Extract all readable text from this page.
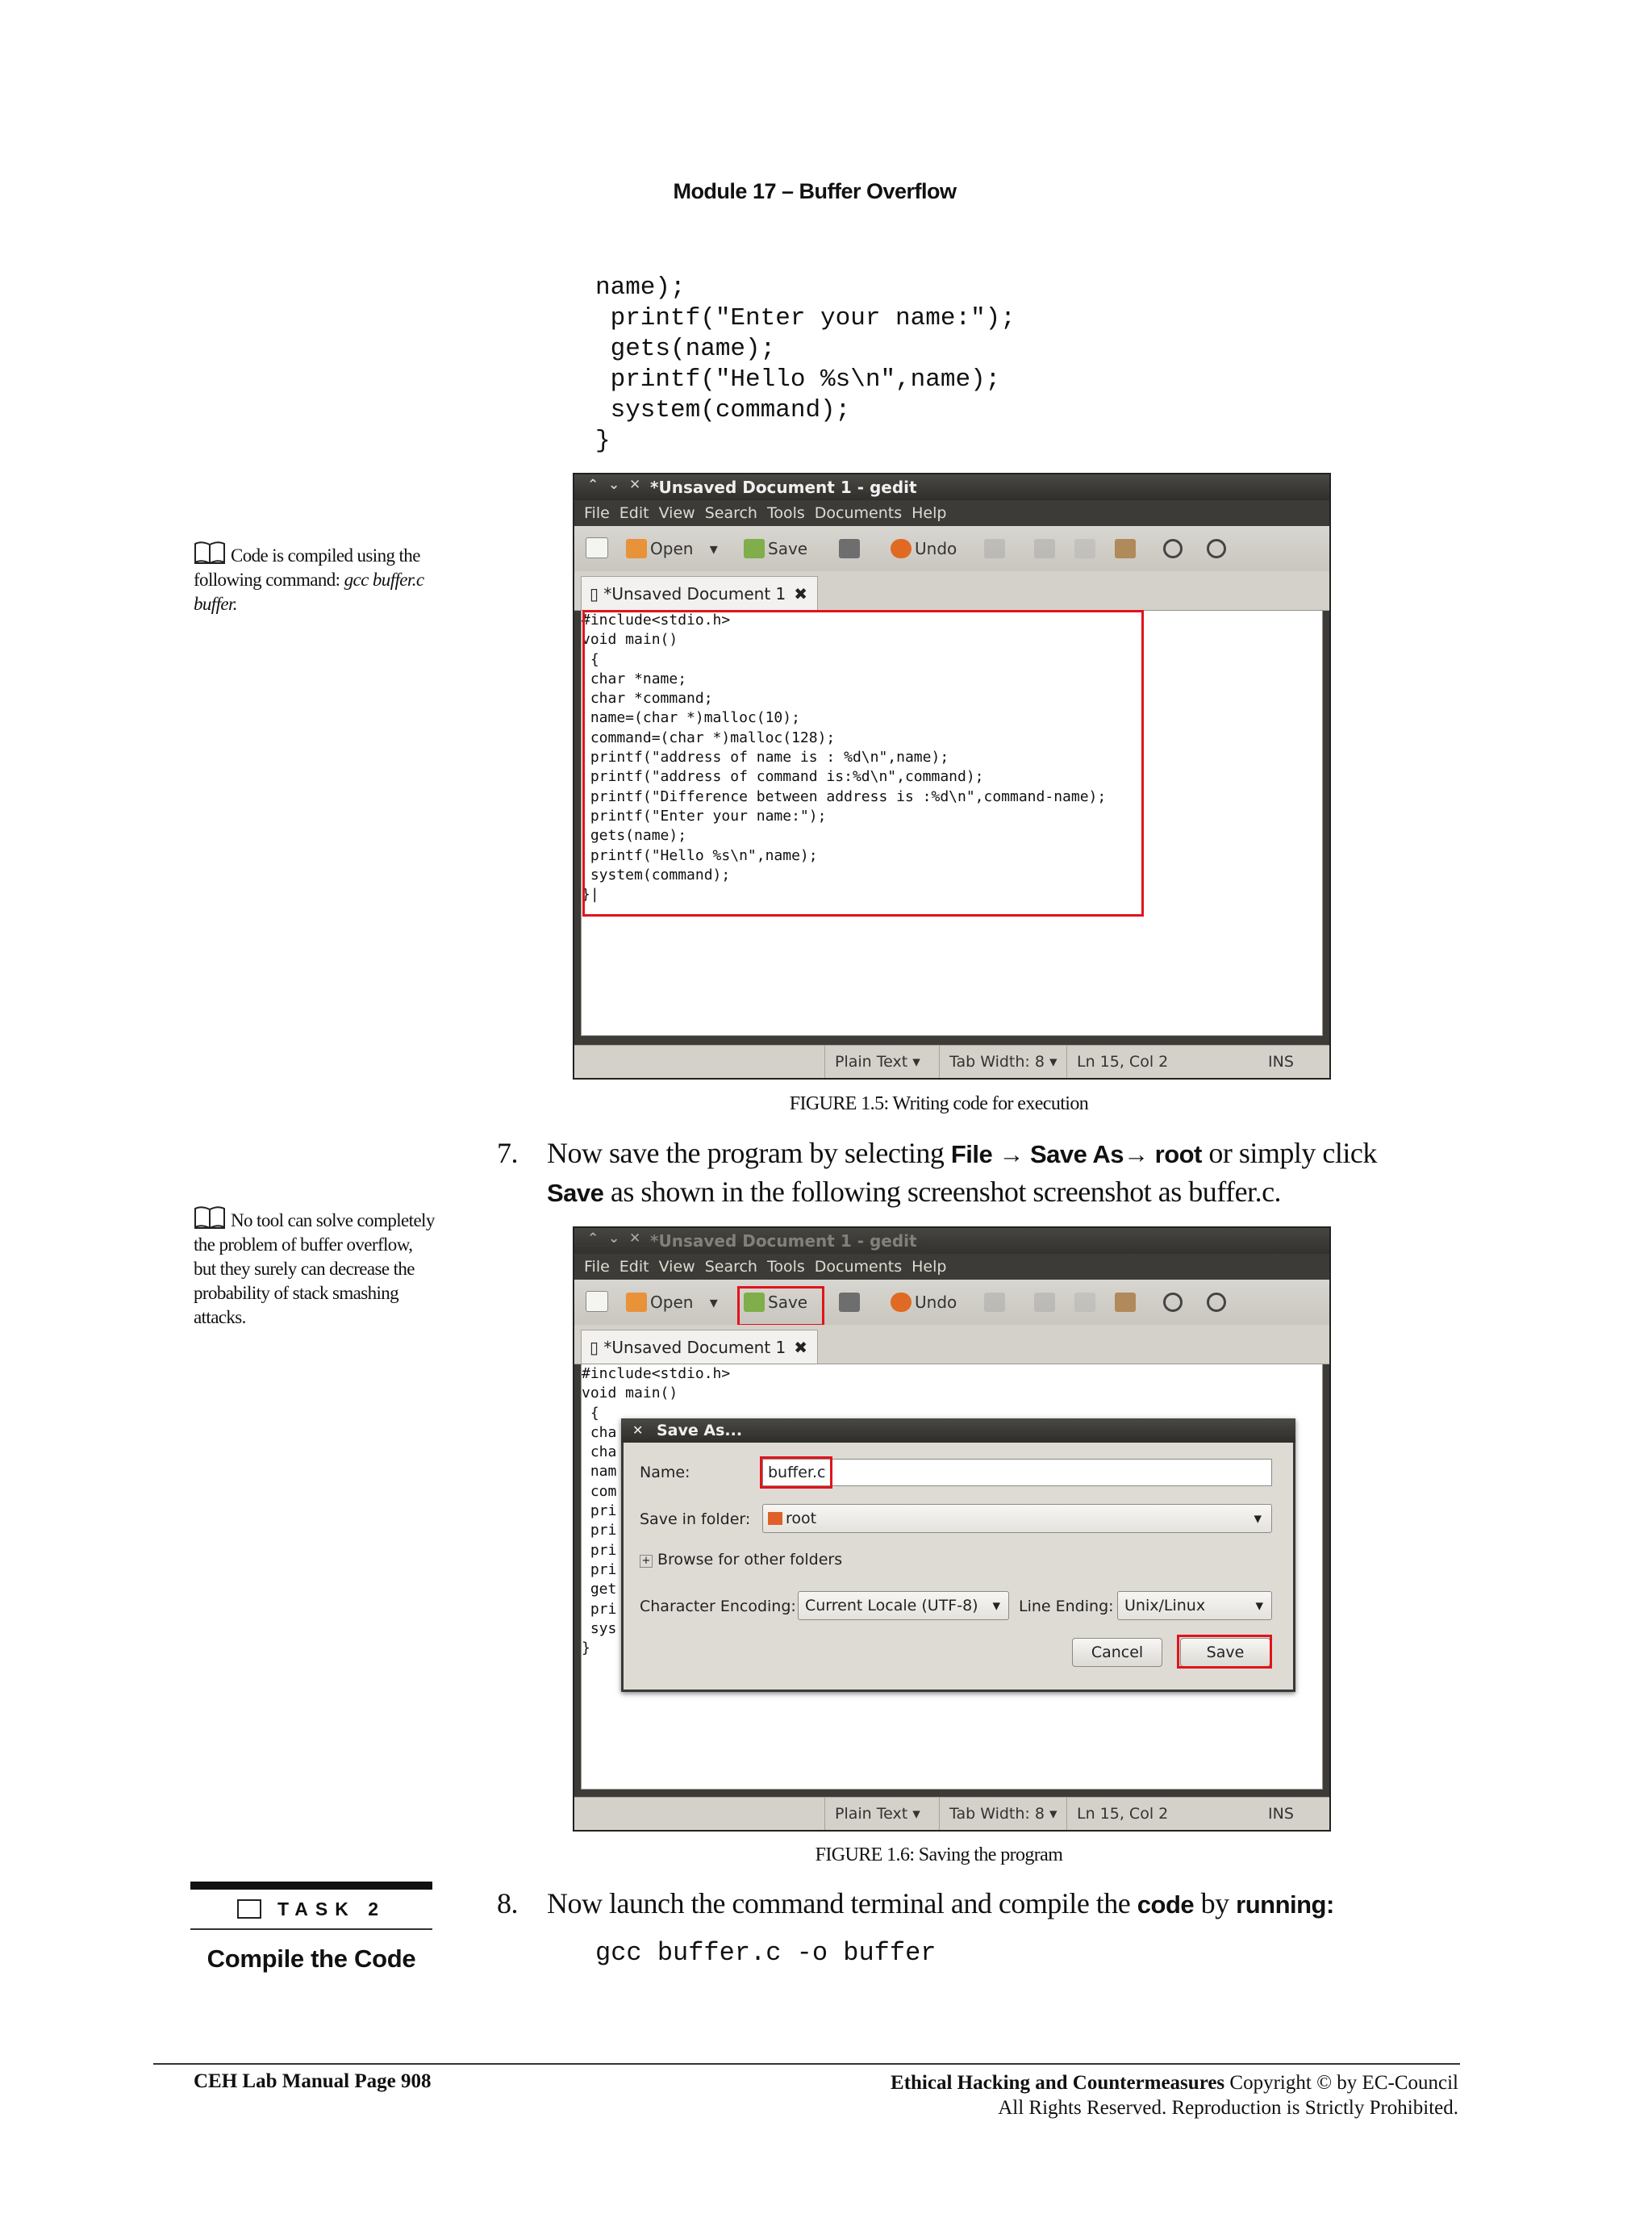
Module 17 – Buffer Overflow
name);
printf("Enter your name:");
gets(name);
printf("Hello %s\n",name);
system(command);
}
Code is compiled using the following command: gcc buffer.c buffer.
⌃ ⌄ ✕ *Unsaved Document 1 - gedit
File Edit View Search Tools Documents Help
Open ▾	Save	Undo
▯ *Unsaved Document 1 ✖
#include<stdio.h>
void main()
{
char *name;
char *command;
name=(char *)malloc(10);
command=(char *)malloc(128);
printf("address of name is : %d\n",name);
printf("address of command is:%d\n",command);
printf("Difference between address is :%d\n",command-name);
printf("Enter your name:");
gets(name);
printf("Hello %s\n",name);
system(command);
}|
Plain Text ▾	Tab Width: 8 ▾	Ln 15, Col 2	INS
FIGURE 1.5: Writing code for execution
7. Now save the program by selecting File → Save As→ root or simply click
Save as shown in the following screenshot screenshot as buffer.c.
No tool can solve completely the problem of buffer overflow, but they surely can decrease the probability of stack smashing attacks.
⌃ ⌄ ✕ *Unsaved Document 1 - gedit
File Edit View Search Tools Documents Help
Open ▾	Save	Undo
▯ *Unsaved Document 1 ✖
#include<stdio.h>
void main()
{
cha
cha
nam
com
pri
pri
pri
pri
get
pri
sys
}
✕ Save As...
Name:	buffer.c
Save in folder:	root	▾
+ Browse for other folders
Character Encoding: Current Locale (UTF-8) ▾ Line Ending: Unix/Linux	▾
Cancel	Save
Plain Text ▾	Tab Width: 8 ▾	Ln 15, Col 2	INS
FIGURE 1.6: Saving the program
TASK 2
Compile the Code
8. Now launch the command terminal and compile the code by running:
gcc buffer.c -o buffer
CEH Lab Manual Page 908	Ethical Hacking and Countermeasures Copyright © by EC-Council
All Rights Reserved. Reproduction is Strictly Prohibited.
